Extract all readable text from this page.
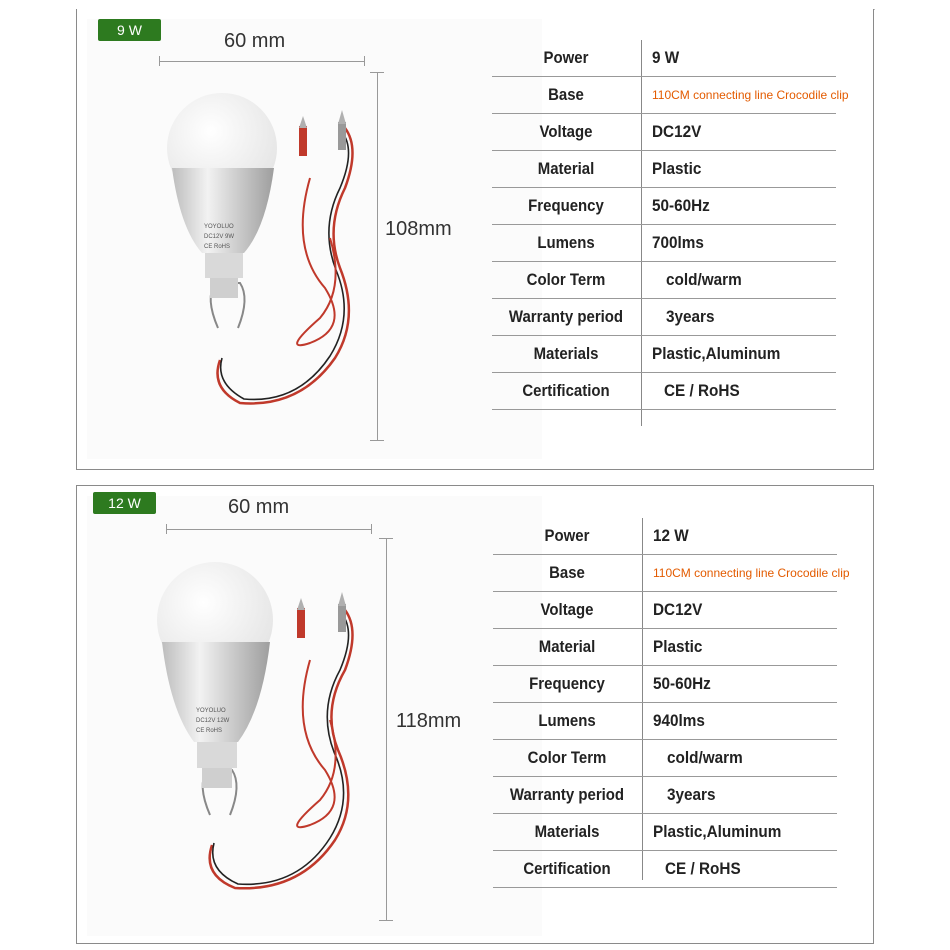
9 W	60 mm
108mm
YOYOLUO
DC12V 9W
CE RoHS
Power	9 W
Base	110CM connecting line Crocodile clip
Voltage	DC12V
Material	Plastic
Frequency	50-60Hz
Lumens	700lms
Color Term	cold/warm
Warranty period	3years
Materials	Plastic,Aluminum
Certification	CE / RoHS
12 W	60 mm
118mm
YOYOLUO
DC12V 12W
CE RoHS
Power	12 W
Base	110CM connecting line Crocodile clip
Voltage	DC12V
Material	Plastic
Frequency	50-60Hz
Lumens	940lms
Color Term	cold/warm
Warranty period	3years
Materials	Plastic,Aluminum
Certification	CE / RoHS
